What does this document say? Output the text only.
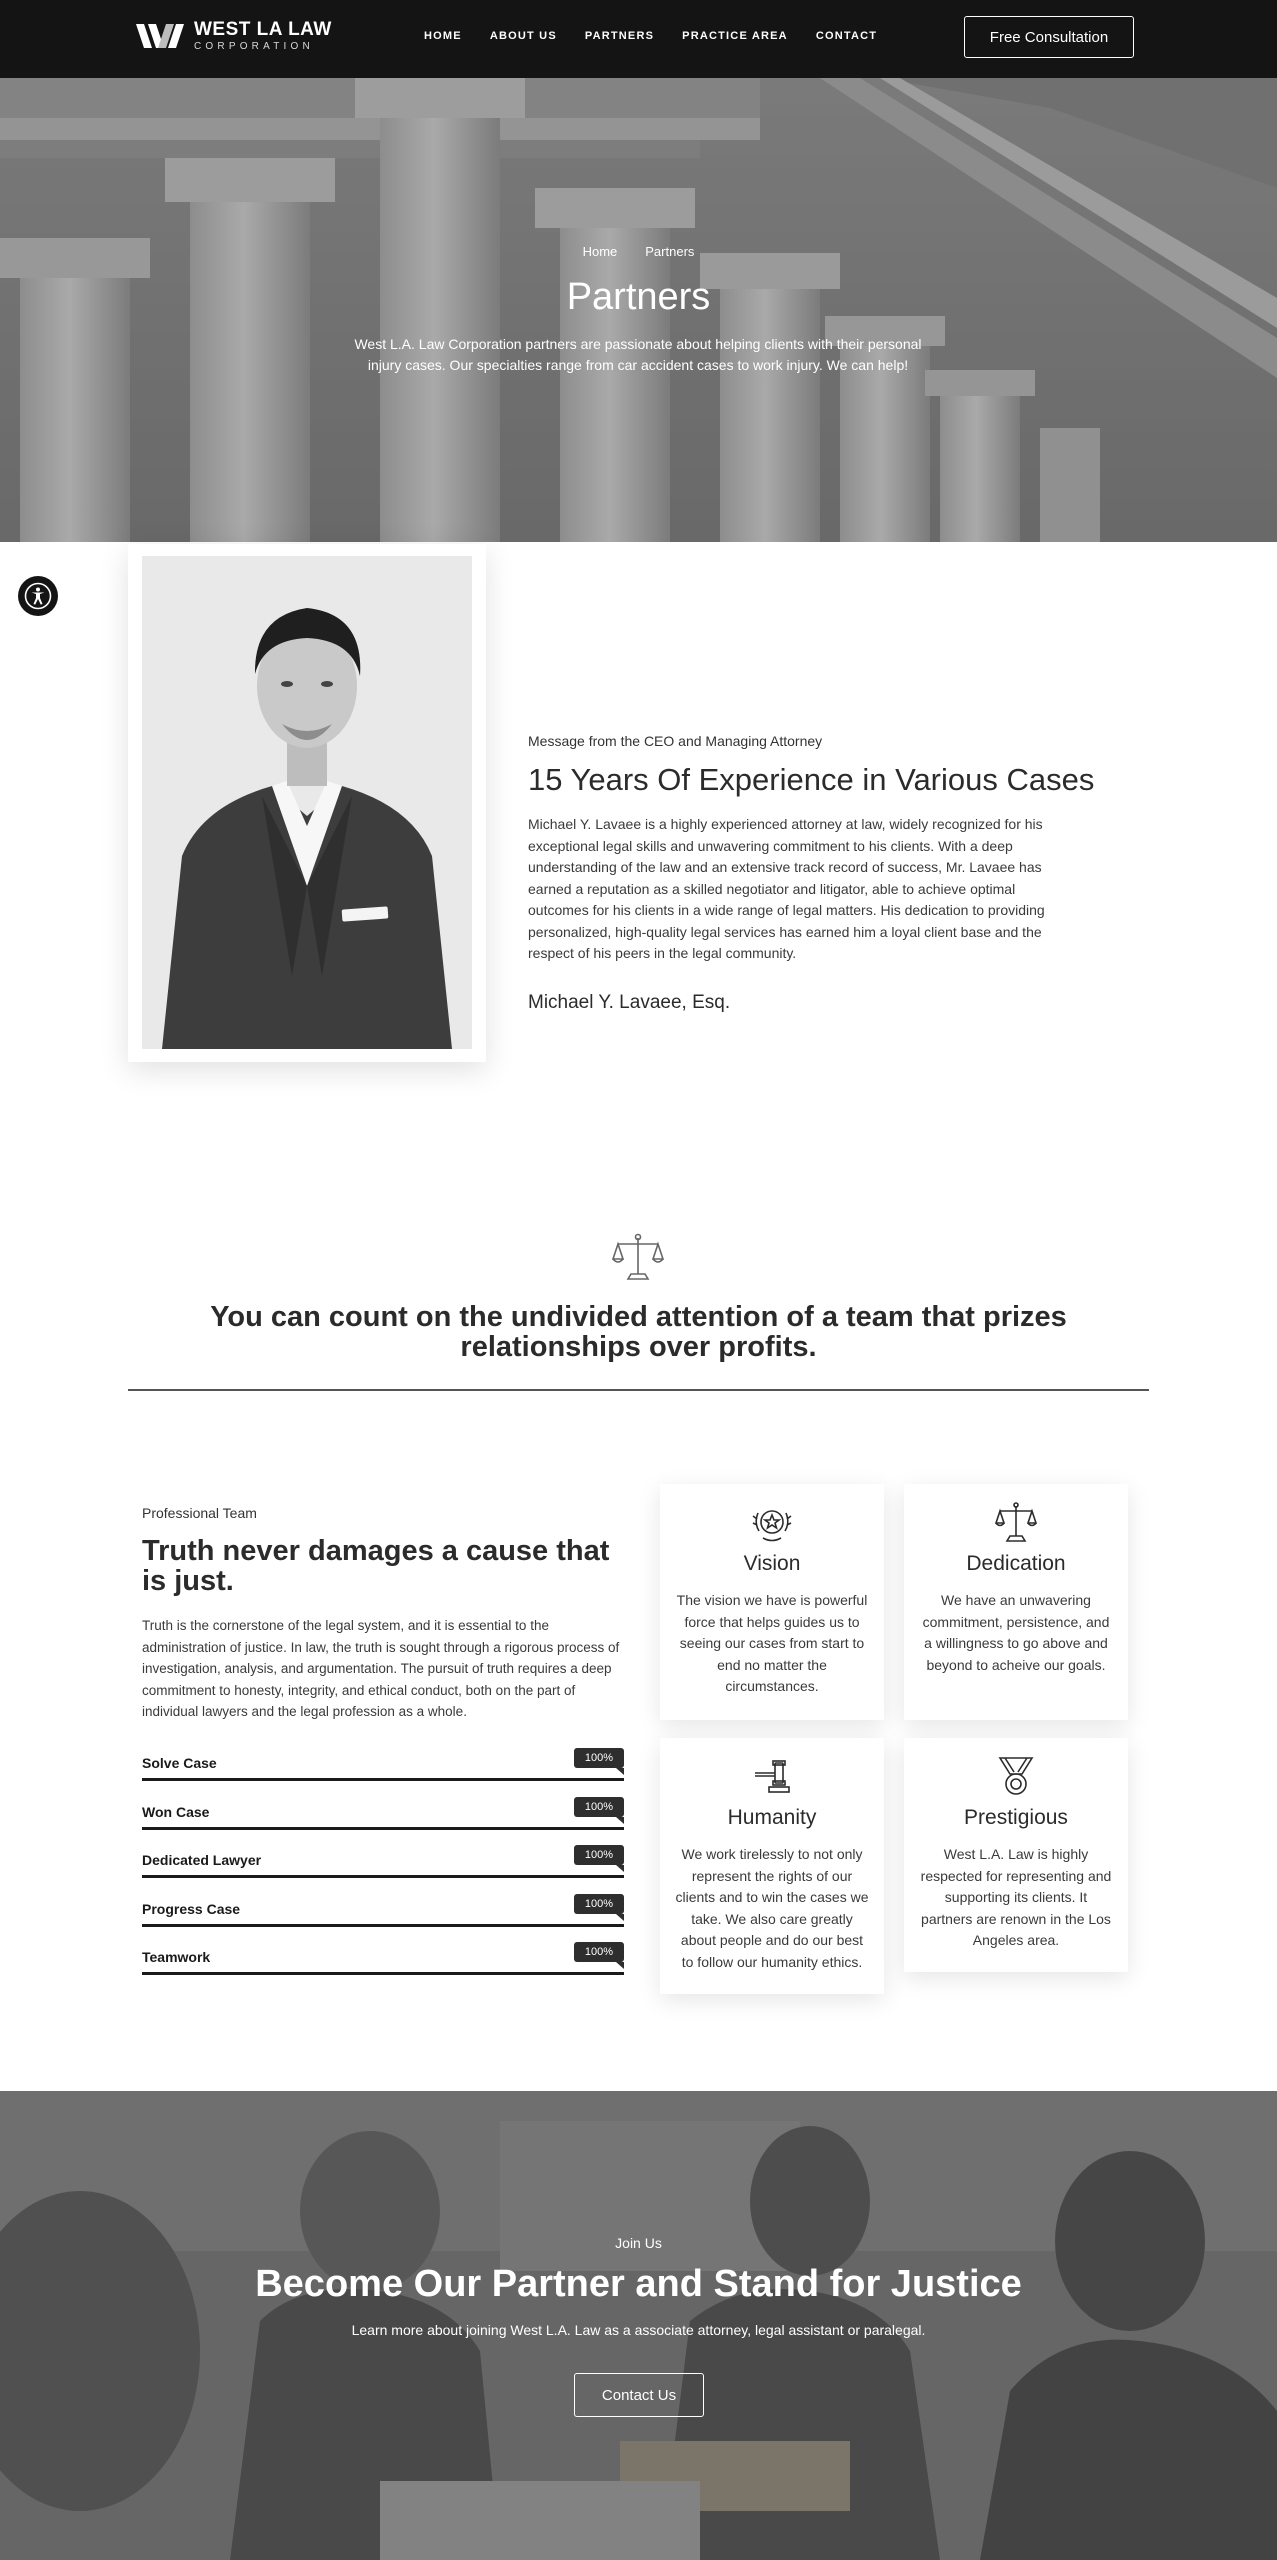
WEST LA LAW
CORPORATION
HOME	ABOUT US	PARTNERS	PRACTICE AREA	CONTACT	Free Consultation
Home Partners
Partners

West L.A. Law Corporation partners are passionate about helping clients with their personal injury cases. Our specialties range from car accident cases to work injury. We can help!

Message from the CEO and Managing Attorney
15 Years Of Experience in Various Cases

Michael Y. Lavaee is a highly experienced attorney at law, widely recognized for his exceptional legal skills and unwavering commitment to his clients. With a deep understanding of the law and an extensive track record of success, Mr. Lavaee has earned a reputation as a skilled negotiator and litigator, able to achieve optimal outcomes for his clients in a wide range of legal matters. His dedication to providing personalized, high-quality legal services has earned him a loyal client base and the respect of his peers in the legal community.

Michael Y. Lavaee, Esq.
You can count on the undivided attention of a team that prizes relationships over profits.
Professional Team
Truth never damages a cause that is just.

Truth is the cornerstone of the legal system, and it is essential to the administration of justice. In law, the truth is sought through a rigorous process of investigation, analysis, and argumentation. The pursuit of truth requires a deep commitment to honesty, integrity, and ethical conduct, both on the part of individual lawyers and the legal profession as a whole.

Solve Case	100%
Won Case	100%
Dedicated Lawyer	100%
Progress Case	100%
Teamwork	100%
Vision

The vision we have is powerful force that helps guides us to seeing our cases from start to end no matter the circumstances.

Dedication

We have an unwavering commitment, persistence, and a willingness to go above and beyond to acheive our goals.

Humanity

We work tirelessly to not only represent the rights of our clients and to win the cases we take. We also care greatly about people and do our best to follow our humanity ethics.

Prestigious

West L.A. Law is highly respected for representing and supporting its clients. It partners are renown in the Los Angeles area.

Join Us
Become Our Partner and Stand for Justice

Learn more about joining West L.A. Law as a associate attorney, legal assistant or paralegal.

Contact Us
